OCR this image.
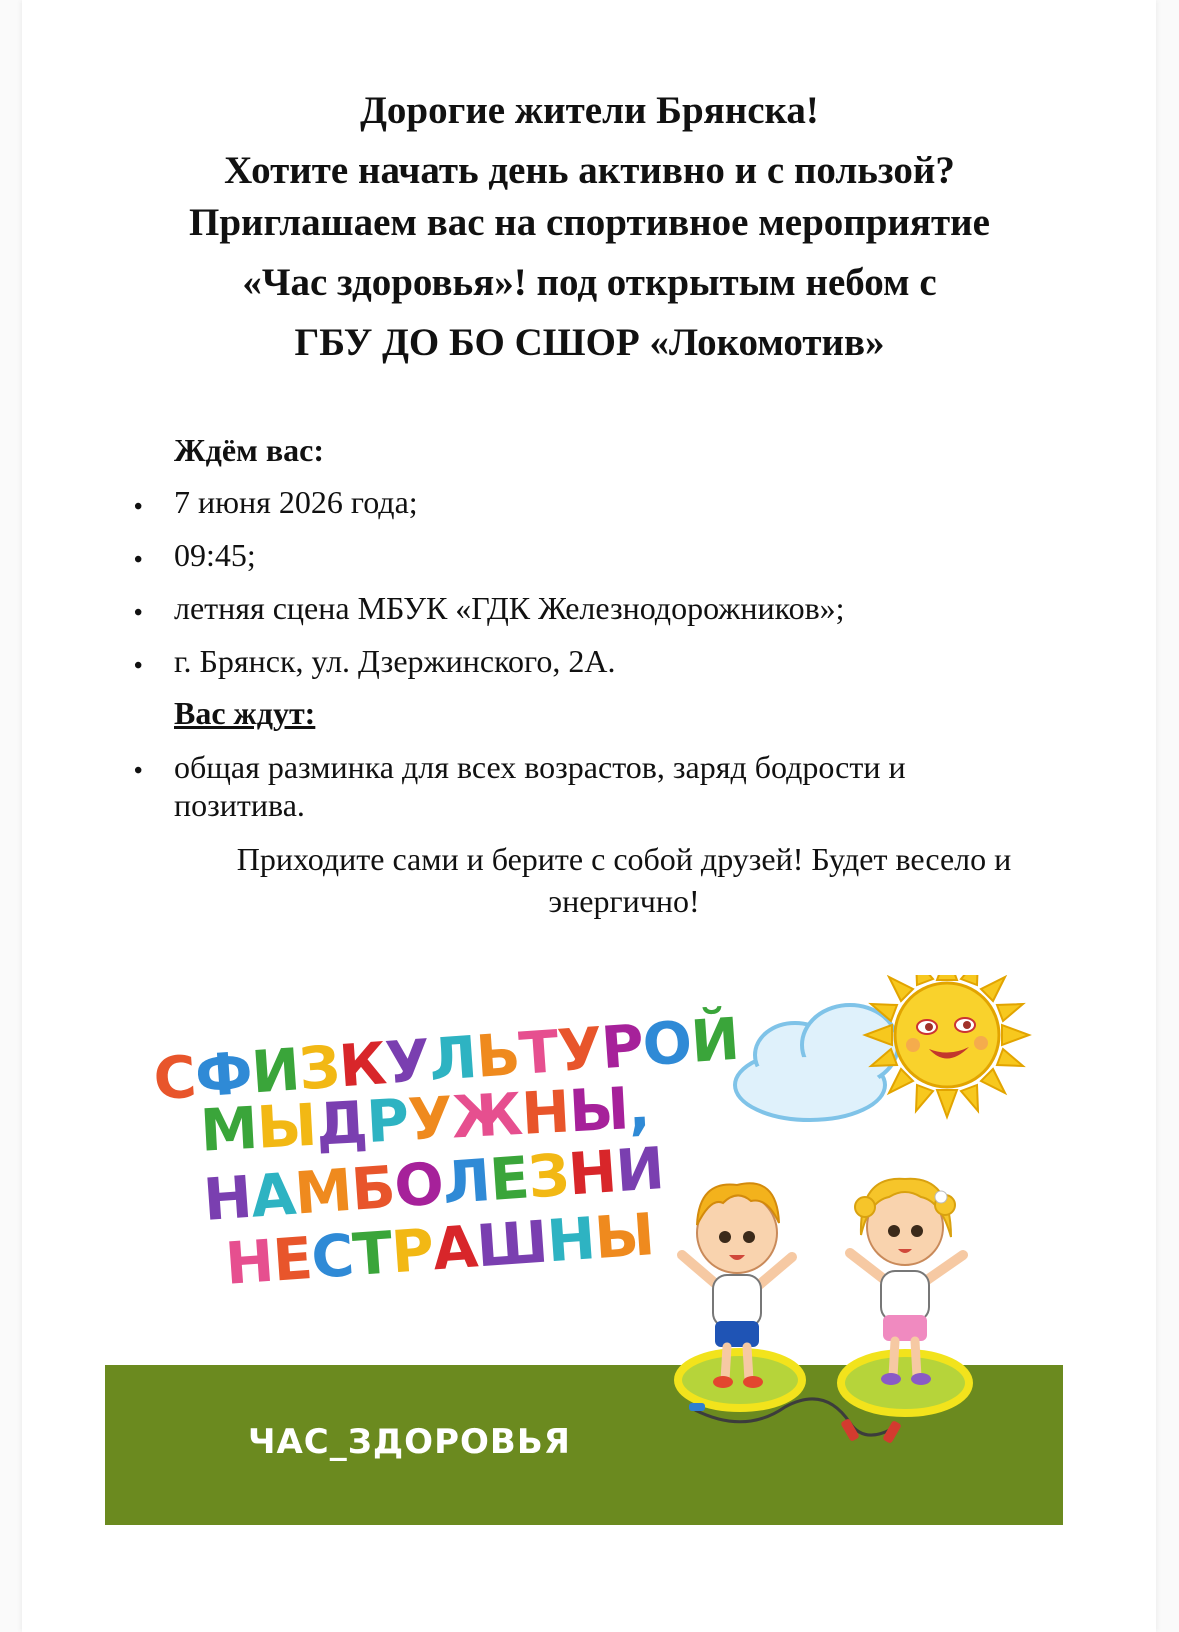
Дорогие жители Брянска!

Хотите начать день активно и с пользой?

Приглашаем вас на спортивное мероприятие

«Час здоровья»! под открытым небом с

ГБУ ДО БО СШОР «Локомотив»

Ждём вас:
• 7 июня 2026 года;
• 09:45;
• летняя сцена МБУК «ГДК Железнодорожников»;
• г. Брянск, ул. Дзержинского, 2А.
Вас ждут:
• общая разминка для всех возрастов, заряд бодрости и позитива.

Приходите сами и берите с собой друзей! Будет весело и энергично!

ЧАС_ЗДОРОВЬЯ
СФИЗКУЛЬТУРОЙ
МЫДРУЖНЫ,
НАМБОЛЕЗНИ
НЕСТРАШНЫ
